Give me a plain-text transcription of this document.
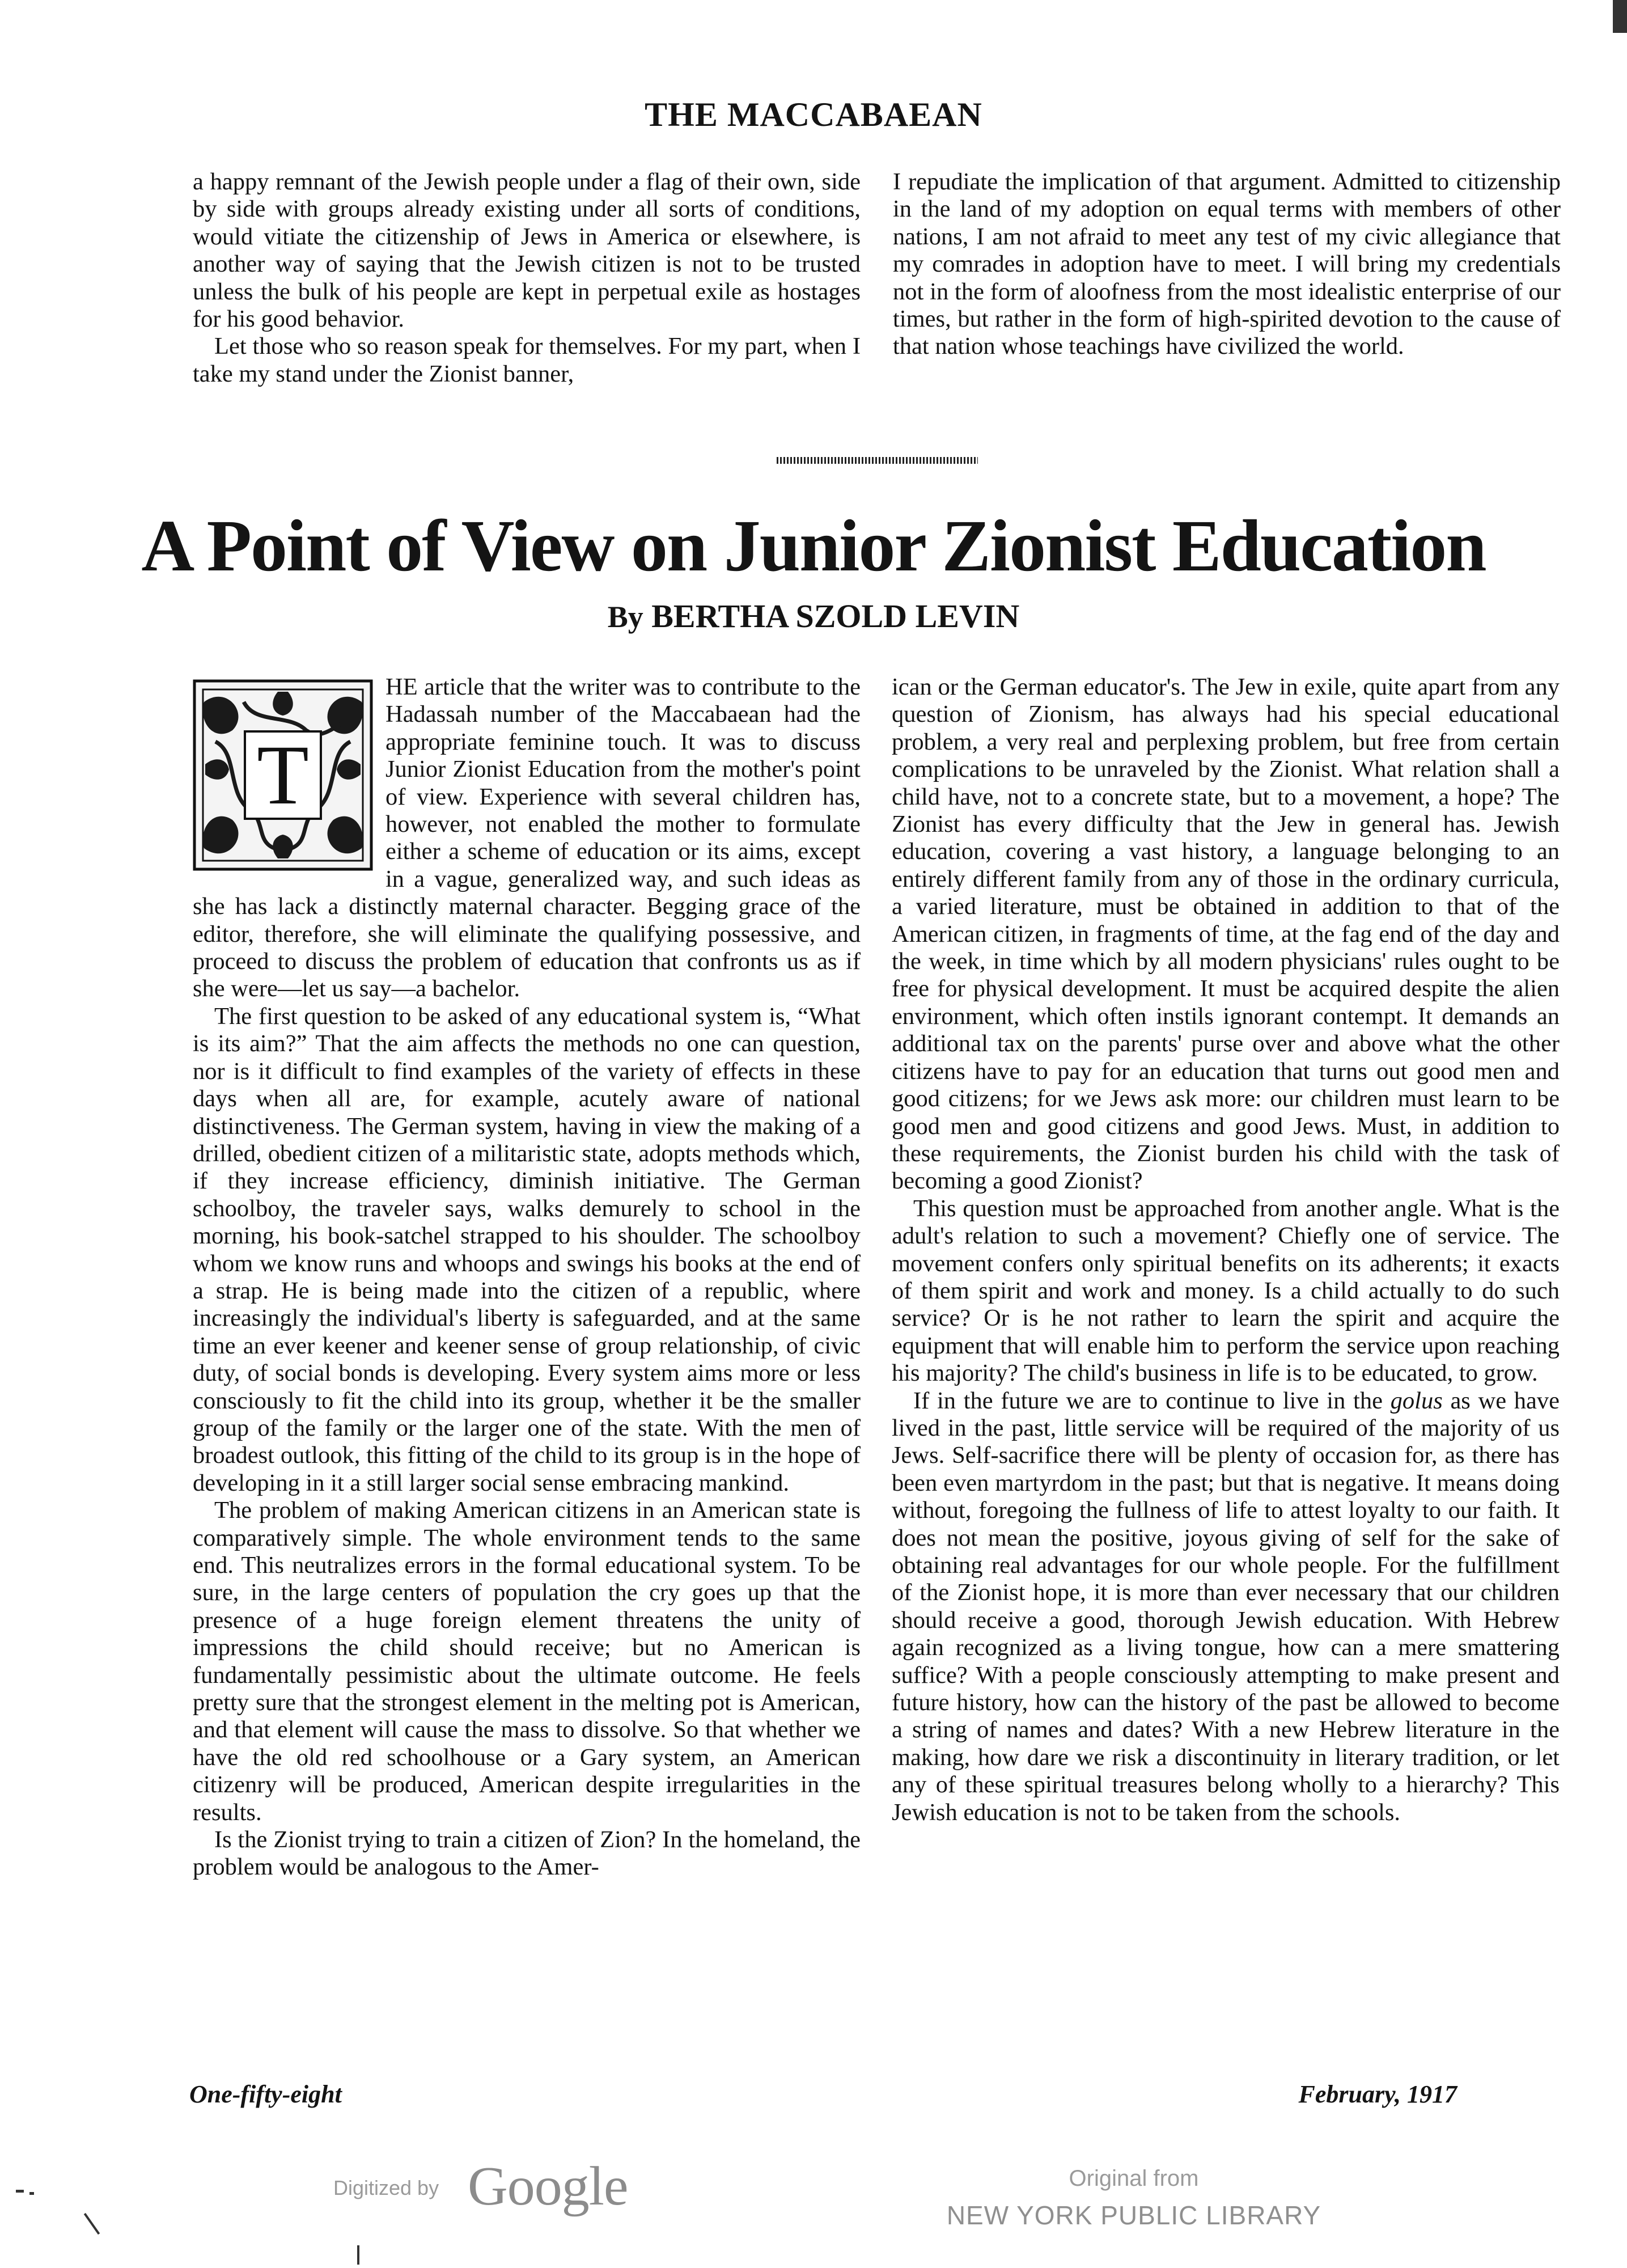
THE MACCABAEAN

a happy remnant of the Jewish people under a flag of their own, side by side with groups already existing under all sorts of conditions, would vitiate the citizenship of Jews in America or elsewhere, is another way of saying that the Jewish citizen is not to be trusted unless the bulk of his people are kept in perpetual exile as hostages for his good behavior.

Let those who so reason speak for themselves. For my part, when I take my stand under the Zionist banner,

I repudiate the implication of that argument. Admitted to citizenship in the land of my adoption on equal terms with members of other nations, I am not afraid to meet any test of my civic allegiance that my comrades in adoption have to meet. I will bring my credentials not in the form of aloofness from the most idealistic enterprise of our times, but rather in the form of high-spirited devotion to the cause of that nation whose teachings have civilized the world.

A Point of View on Junior Zionist Education
By BERTHA SZOLD LEVIN
T

HE article that the writer was to contribute to the Hadassah number of the Maccabaean had the appropriate feminine touch. It was to discuss Junior Zionist Education from the mother's point of view. Experience with several children has, however, not enabled the mother to formulate either a scheme of education or its aims, except in a vague, generalized way, and such ideas as she has lack a distinctly maternal character. Begging grace of the editor, therefore, she will eliminate the qualifying possessive, and proceed to discuss the problem of education that confronts us as if she were—let us say—a bachelor.

The first question to be asked of any educational system is, “What is its aim?” That the aim affects the methods no one can question, nor is it difficult to find examples of the variety of effects in these days when all are, for example, acutely aware of national distinctiveness. The German system, having in view the making of a drilled, obedient citizen of a militaristic state, adopts methods which, if they increase efficiency, diminish initiative. The German schoolboy, the traveler says, walks demurely to school in the morning, his book-satchel strapped to his shoulder. The schoolboy whom we know runs and whoops and swings his books at the end of a strap. He is being made into the citizen of a republic, where increasingly the individual's liberty is safeguarded, and at the same time an ever keener and keener sense of group relationship, of civic duty, of social bonds is developing. Every system aims more or less consciously to fit the child into its group, whether it be the smaller group of the family or the larger one of the state. With the men of broadest outlook, this fitting of the child to its group is in the hope of developing in it a still larger social sense embracing mankind.

The problem of making American citizens in an American state is comparatively simple. The whole environment tends to the same end. This neutralizes errors in the formal educational system. To be sure, in the large centers of population the cry goes up that the presence of a huge foreign element threatens the unity of impressions the child should receive; but no American is fundamentally pessimistic about the ultimate outcome. He feels pretty sure that the strongest element in the melting pot is American, and that element will cause the mass to dissolve. So that whether we have the old red schoolhouse or a Gary system, an American citizenry will be produced, American despite irregularities in the results.

Is the Zionist trying to train a citizen of Zion? In the homeland, the problem would be analogous to the Amer-

ican or the German educator's. The Jew in exile, quite apart from any question of Zionism, has always had his special educational problem, a very real and perplexing problem, but free from certain complications to be unraveled by the Zionist. What relation shall a child have, not to a concrete state, but to a movement, a hope? The Zionist has every difficulty that the Jew in general has. Jewish education, covering a vast history, a language belonging to an entirely different family from any of those in the ordinary curricula, a varied literature, must be obtained in addition to that of the American citizen, in fragments of time, at the fag end of the day and the week, in time which by all modern physicians' rules ought to be free for physical development. It must be acquired despite the alien environment, which often instils ignorant contempt. It demands an additional tax on the parents' purse over and above what the other citizens have to pay for an education that turns out good men and good citizens; for we Jews ask more: our children must learn to be good men and good citizens and good Jews. Must, in addition to these requirements, the Zionist burden his child with the task of becoming a good Zionist?

This question must be approached from another angle. What is the adult's relation to such a movement? Chiefly one of service. The movement confers only spiritual benefits on its adherents; it exacts of them spirit and work and money. Is a child actually to do such service? Or is he not rather to learn the spirit and acquire the equipment that will enable him to perform the service upon reaching his majority? The child's business in life is to be educated, to grow.

If in the future we are to continue to live in the golus as we have lived in the past, little service will be required of the majority of us Jews. Self-sacrifice there will be plenty of occasion for, as there has been even martyrdom in the past; but that is negative. It means doing without, foregoing the fullness of life to attest loyalty to our faith. It does not mean the positive, joyous giving of self for the sake of obtaining real advantages for our whole people. For the fulfillment of the Zionist hope, it is more than ever necessary that our children should receive a good, thorough Jewish education. With Hebrew again recognized as a living tongue, how can a mere smattering suffice? With a people consciously attempting to make present and future history, how can the history of the past be allowed to become a string of names and dates? With a new Hebrew literature in the making, how dare we risk a discontinuity in literary tradition, or let any of these spiritual treasures belong wholly to a hierarchy? This Jewish education is not to be taken from the schools.

One-fifty-eight	February, 1917
Digitized by Google	Original from
NEW YORK PUBLIC LIBRARY
